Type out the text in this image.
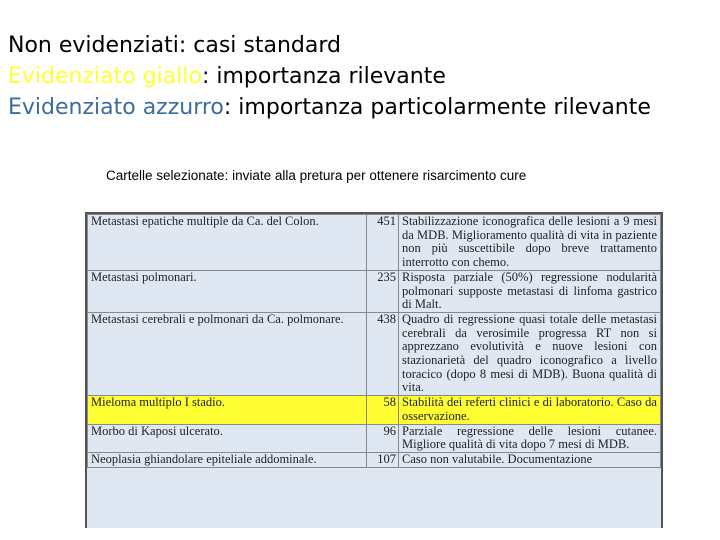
Non evidenziati: casi standard
Evidenziato giallo: importanza rilevante
Evidenziato azzurro: importanza particolarmente rilevante
Cartelle selezionate: inviate alla pretura per ottenere risarcimento cure
Metastasi epatiche multiple da Ca. del Colon.	451	Stabilizzazione iconografica delle lesioni a 9 mesi da MDB. Miglioramento qualità di vita in paziente non più suscettibile dopo breve trattamento interrotto con chemo.
Metastasi polmonari.	235	Risposta parziale (50%) regressione nodularità polmonari supposte metastasi di linfoma gastrico di Malt.
Metastasi cerebrali e polmonari da Ca. polmonare.	438	Quadro di regressione quasi totale delle metastasi cerebrali da verosimile progressa RT non si apprezzano evolutività e nuove lesioni con stazionarietà del quadro iconografico a livello toracico (dopo 8 mesi di MDB). Buona qualità di vita.
Mieloma multiplo I stadio.	58	Stabilità dei referti clinici e di laboratorio. Caso da osservazione.
Morbo di Kaposi ulcerato.	96	Parziale regressione delle lesioni cutanee. Migliore qualità di vita dopo 7 mesi di MDB.
Neoplasia ghiandolare epiteliale addominale.	107	Caso non valutabile. Documentazione
